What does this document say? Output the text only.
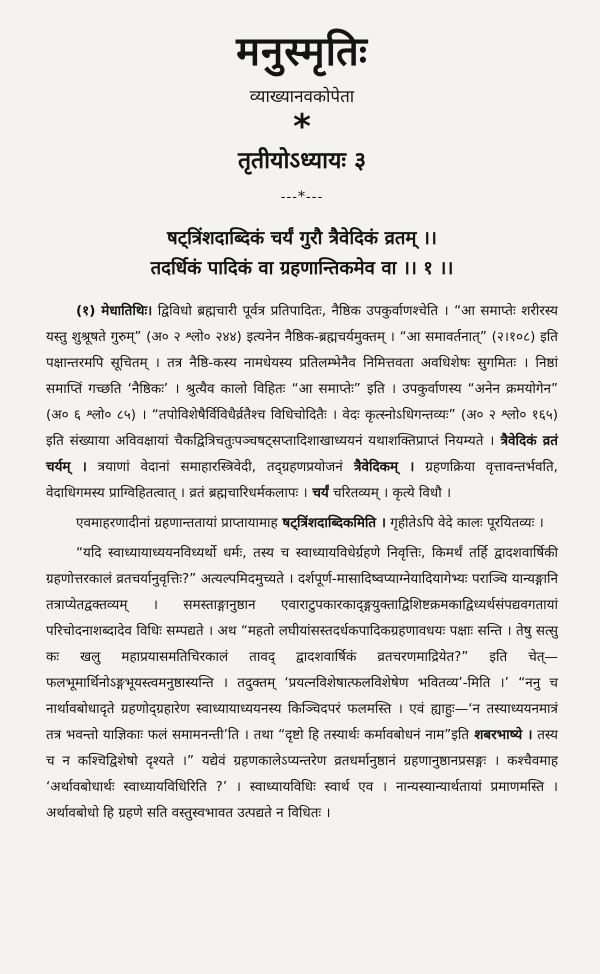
मनुस्मृतिः
व्याख्यानवकोपेता
*
तृतीयोऽध्यायः ३
---*---
षट्त्रिंशदाब्दिकं चर्यं गुरौ त्रैवेदिकं व्रतम् ।।
तदर्धिकं पादिकं वा ग्रहणान्तिकमेव वा ।। १ ।।

(१) मेधातिथिः। द्विविधो ब्रह्मचारी पूर्वत्र प्रतिपादितः, नैष्ठिक उपकुर्वाणश्चेति । “आ समाप्तेः शरीरस्य यस्तु शुश्रूषते गुरुम्” (अ० २ श्लो० २४४) इत्यनेन नैष्ठिक-ब्रह्मचर्यमुक्तम् । “आ समावर्तनात्” (२।१०८) इति पक्षान्तरमपि सूचितम् । तत्र नैष्ठि-कस्य नामधेयस्य प्रतिलम्भेनैव निमित्तवता अवधिशेषः सुगमितः । निष्ठां समाप्तिं गच्छति ‘नैष्ठिकः’ । श्रुत्यैव कालो विहितः “आ समाप्तेः” इति । उपकुर्वाणस्य “अनेन क्रमयोगेन” (अ० ६ श्लो० ८५) । “तपोविशेषैर्विविधैर्व्रतैश्च विधिचोदितैः । वेदः कृत्स्नोऽधिगन्तव्यः” (अ० २ श्लो० १६५) इति संख्याया अविवक्षायां चैकद्वित्रिचतुःपञ्चषट्सप्तादिशाखाध्ययनं यथाशक्तिप्राप्तं नियम्यते । त्रैवेदिकं व्रतं चर्यम् । त्रयाणां वेदानां समाहारस्त्रिवेदी, तद्ग्रहणप्रयोजनं त्रैवेदिकम् । ग्रहणक्रिया वृत्तावन्तर्भवति, वेदाधिगमस्य प्राग्विहितत्वात् । व्रतं ब्रह्मचारिधर्मकलापः । चर्यं चरितव्यम् । कृत्ये विधौ ।

एवमाहरणादीनां ग्रहणान्ततायां प्राप्तायामाह षट्त्रिंशदाब्दिकमिति । गृहीतेऽपि वेदे कालः पूरयितव्यः ।

“यदि स्वाध्यायाध्ययनविध्यर्थो धर्मः, तस्य च स्वाध्यायविधेर्ग्रहणे निवृत्तिः, किमर्थं तर्हि द्वादशवार्षिकी ग्रहणोत्तरकालं व्रतचर्यानुवृत्तिः?” अत्यल्पमिदमुच्यते । दर्शपूर्ण-मासादिष्वप्याग्नेयादियागेभ्यः पराञ्चि यान्यङ्गानि तत्राप्येतद्वक्तव्यम् । समस्ताङ्गानुष्ठान एवाराटुपकारकाद्‌ङ्गयुक्ताद्विशिष्टक्रमकाद्विध्यर्थसंपद्यवगतायां परिचोदनाशब्दादेव विधिः सम्पद्यते । अथ “महतो लघीयांसस्तदर्धकपादिकग्रहणावधयः पक्षाः सन्ति । तेषु सत्सु कः खलु महाप्रयासमतिचिरकालं तावद् द्वादशवार्षिकं व्रतचरणमाद्रियेत?” इति चेत्—फलभूमार्थिनोऽङ्गभूयस्त्वमनुष्ठास्यन्ति । तदुक्तम् ‘प्रयत्नविशेषात्फलविशेषेण भवितव्य’-मिति ।’ “ननु च नार्थावबोधादृते ग्रहणोद्ग्रहारेण स्वाध्यायाध्ययनस्य किञ्चिदपरं फलमस्ति । एवं ह्याहुः—‘न तस्याध्ययनमात्रं तत्र भवन्तो याज्ञिकाः फलं समामनन्ती’ति । तथा “दृष्टो हि तस्यार्थः कर्मावबोधनं नाम”इति शबरभाष्ये । तस्य च न कश्चिद्विशेषो दृश्यते ।” यद्येवं ग्रहणकालेऽप्यन्तरेण व्रतधर्मानुष्ठानं ग्रहणानुष्ठानप्रसङ्गः । कश्चैवमाह ‘अर्थावबोधार्थः स्वाध्यायविधिरिति ?’ । स्वाध्यायविधिः स्वार्थ एव । नान्यस्यान्यार्थतायां प्रमाणमस्ति । अर्थावबोधो हि ग्रहणे सति वस्तुस्वभावत उत्पद्यते न विधितः ।
